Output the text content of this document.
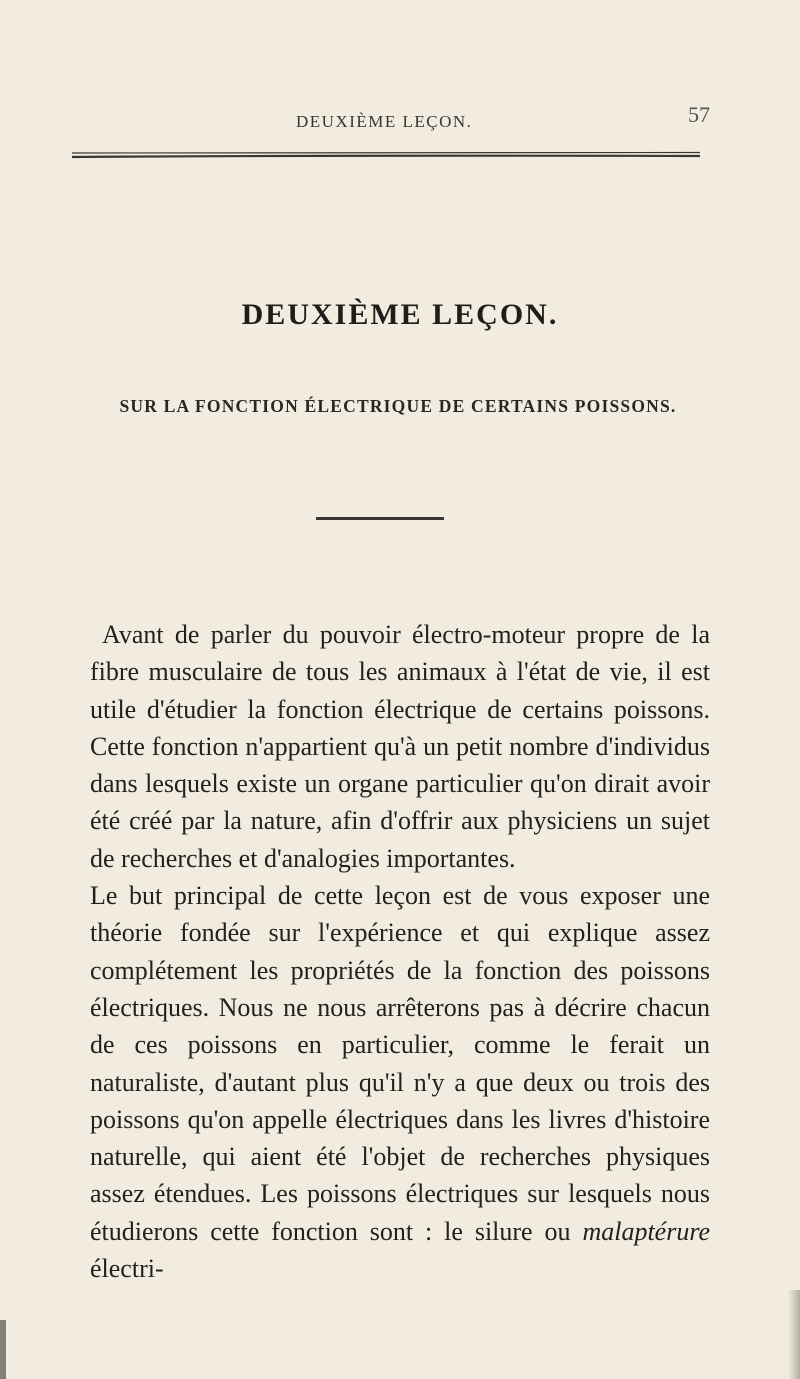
DEUXIÈME LEÇON.	57
DEUXIÈME LEÇON.
SUR LA FONCTION ÉLECTRIQUE DE CERTAINS POISSONS.

Avant de parler du pouvoir électro-moteur propre de la fibre musculaire de tous les animaux à l'état de vie, il est utile d'étudier la fonction électrique de certains poissons. Cette fonction n'appartient qu'à un petit nombre d'individus dans lesquels existe un organe particulier qu'on dirait avoir été créé par la nature, afin d'offrir aux physiciens un sujet de recherches et d'analogies importantes.

Le but principal de cette leçon est de vous exposer une théorie fondée sur l'expérience et qui explique assez complétement les propriétés de la fonction des poissons électriques. Nous ne nous arrêterons pas à décrire chacun de ces poissons en particulier, comme le ferait un naturaliste, d'autant plus qu'il n'y a que deux ou trois des poissons qu'on appelle électriques dans les livres d'histoire naturelle, qui aient été l'objet de recherches physiques assez étendues. Les poissons électriques sur lesquels nous étudierons cette fonction sont : le silure ou malaptérure électri-
